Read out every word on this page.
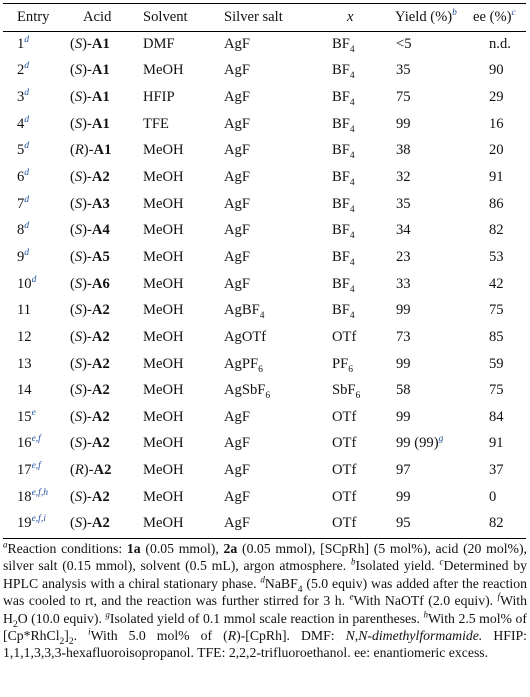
Entry	Acid	Solvent	Silver salt	x	Yield (%)$^b$	ee (%)$^c$
1$^d$	(S)-A1	DMF	AgF	$BF_4$	<5	n.d.
2$^d$	(S)-A1	MeOH	AgF	$BF_4$	35	90
3$^d$	(S)-A1	HFIP	AgF	$BF_4$	75	29
4$^d$	(S)-A1	TFE	AgF	$BF_4$	99	16
5$^d$	(R)-A1	MeOH	AgF	$BF_4$	38	20
6$^d$	(S)-A2	MeOH	AgF	$BF_4$	32	91
7$^d$	(S)-A3	MeOH	AgF	$BF_4$	35	86
8$^d$	(S)-A4	MeOH	AgF	$BF_4$	34	82
9$^d$	(S)-A5	MeOH	AgF	$BF_4$	23	53
10$^d$	(S)-A6	MeOH	AgF	$BF_4$	33	42
11	(S)-A2	MeOH	AgBF$_4$	$BF_4$	99	75
12	(S)-A2	MeOH	AgOTf	OTf	73	85
13	(S)-A2	MeOH	AgPF$_6$	$PF_6$	99	59
14	(S)-A2	MeOH	AgSbF$_6$	SbF$_6$	58	75
15e	(S)-A2	MeOH	AgF	OTf	99	84
16$^{e,f}$	(S)-A2	MeOH	AgF	OTf	99 (99)$^g$	91
17$^{e,f}$	(R)-A2	MeOH	AgF	OTf	97	37
18$^{e,f,h}$	(S)-A2	MeOH	AgF	OTf	99	0
19$^{e,f,i}$	(S)-A2	MeOH	AgF	OTf	95	82
$^a$Reaction conditions: 1a (0.05 mmol), 2a (0.05 mmol), [SCpRh] (5 mol%), acid (20 mol%), silver salt (0.15 mmol), solvent (0.5 mL), argon atmosphere. $^b$Isolated yield. $^c$Determined by HPLC analysis with a chiral stationary phase. $^d$NaBF$_4$ (5.0 equiv) was added after the reaction was cooled to rt, and the reaction was further stirred for 3 h. $^e$With NaOTf (2.0 equiv). $^f$With $H_2O$ (10.0 equiv). $^g$Isolated yield of 0.1 mmol scale reaction in parentheses. $^h$With 2.5 mol% of $[Cp*RhCl_2]_2$. $^i$With 5.0 mol% of (R)-[CpRh]. DMF: N,N-dimethylformamide. HFIP: 1,1,1,3,3,3-hexafluoroisopropanol. TFE: 2,2,2-trifluoroethanol. ee: enantiomeric excess.
